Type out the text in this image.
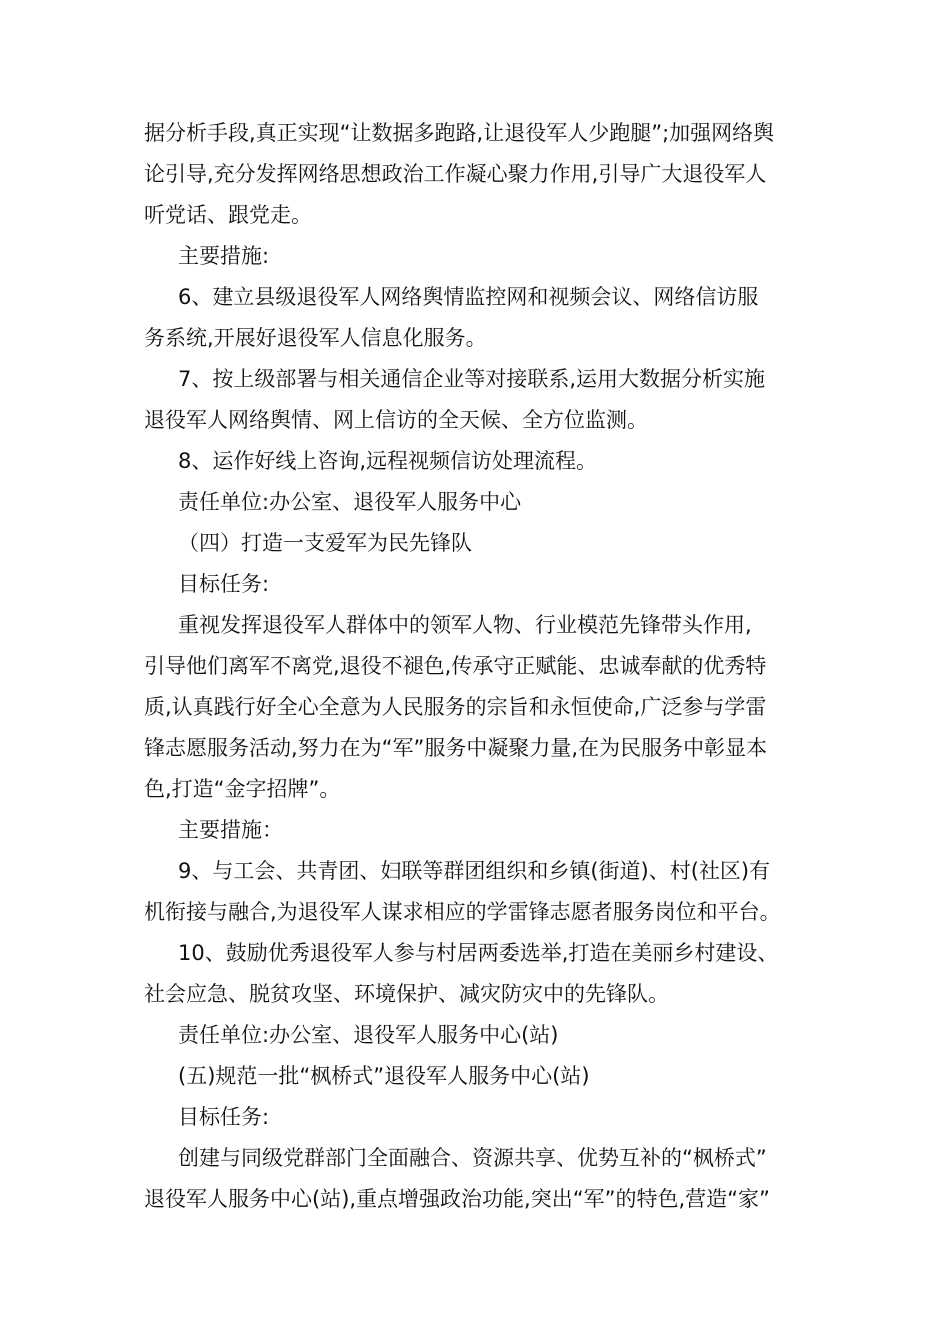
据分析手段,真正实现“让数据多跑路,让退役军人少跑腿”;加强网络舆
论引导,充分发挥网络思想政治工作凝心聚力作用,引导广大退役军人
听党话、跟党走。
主要措施:
6、建立县级退役军人网络舆情监控网和视频会议、网络信访服
务系统,开展好退役军人信息化服务。
7、按上级部署与相关通信企业等对接联系,运用大数据分析实施
退役军人网络舆情、网上信访的全天候、全方位监测。
8、运作好线上咨询,远程视频信访处理流程。
责任单位:办公室、退役军人服务中心
（四）打造一支爱军为民先锋队
目标任务:
重视发挥退役军人群体中的领军人物、行业模范先锋带头作用,
引导他们离军不离党,退役不褪色,传承守正赋能、忠诚奉献的优秀特
质,认真践行好全心全意为人民服务的宗旨和永恒使命,广泛参与学雷
锋志愿服务活动,努力在为“军”服务中凝聚力量,在为民服务中彰显本
色,打造“金字招牌”。
主要措施：
9、与工会、共青团、妇联等群团组织和乡镇(街道)、村(社区)有
机衔接与融合,为退役军人谋求相应的学雷锋志愿者服务岗位和平台。
10、鼓励优秀退役军人参与村居两委选举,打造在美丽乡村建设、
社会应急、脱贫攻坚、环境保护、减灾防灾中的先锋队。
责任单位:办公室、退役军人服务中心(站)
(五)规范一批“枫桥式”退役军人服务中心(站)
目标任务:
创建与同级党群部门全面融合、资源共享、优势互补的“枫桥式”
退役军人服务中心(站),重点增强政治功能,突出“军”的特色,营造“家”
